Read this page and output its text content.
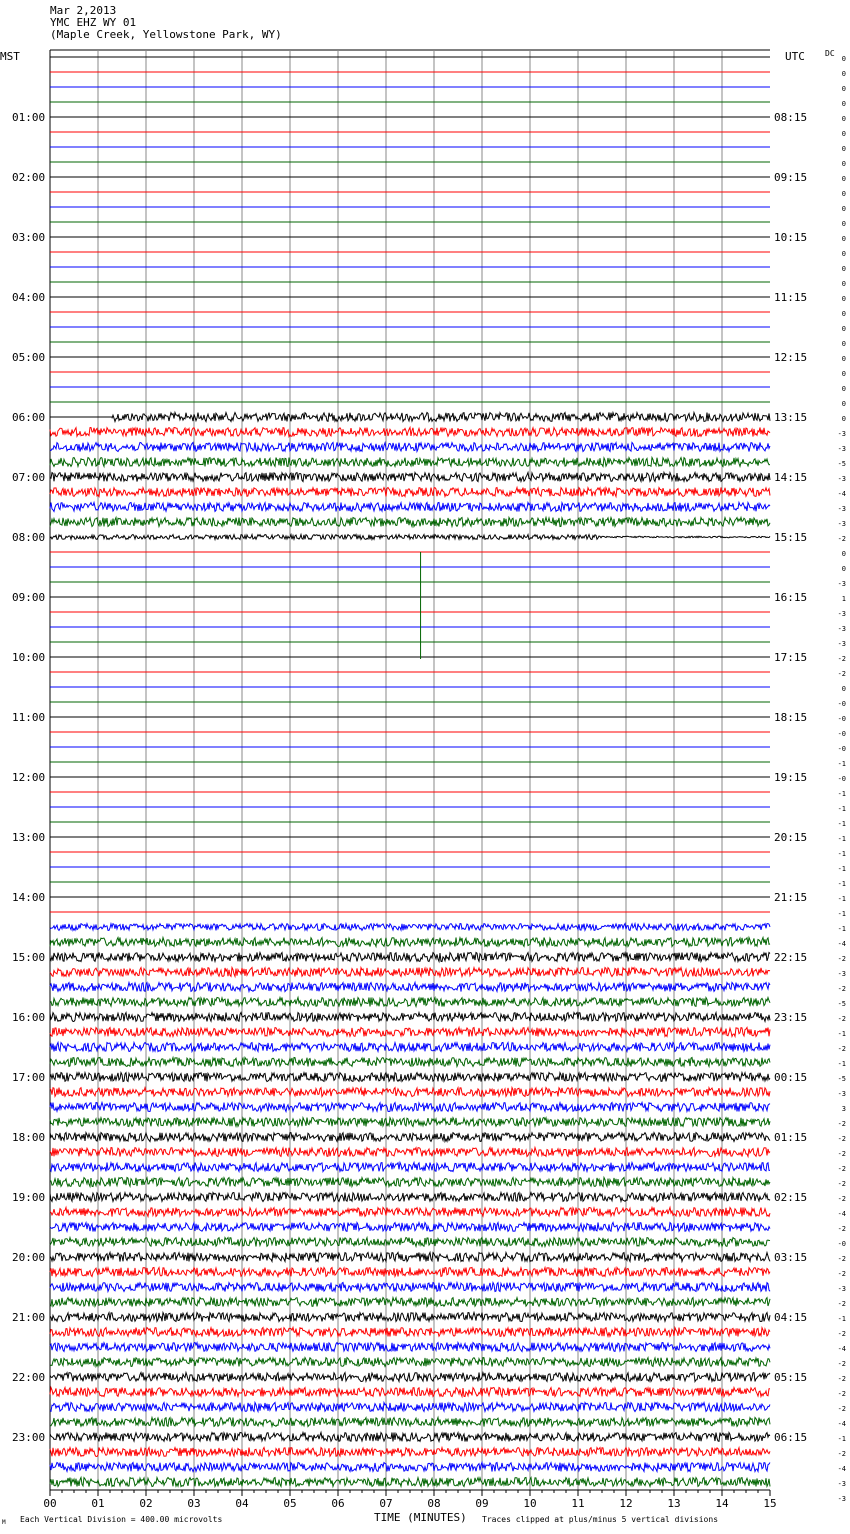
Mar 2,2013
YMC EHZ WY 01
(Maple Creek, Yellowstone Park, WY)
MST	UTC	DC
01:00
02:00
03:00
04:00
05:00
06:00
07:00
08:00
09:00
10:00
11:00
12:00
13:00
14:00
15:00
16:00
17:00
18:00
19:00
20:00
21:00
22:00
23:00
08:15
09:15
10:15
11:15
12:15
13:15
14:15
15:15
16:15
17:15
18:15
19:15
20:15
21:15
22:15
23:15
00:15
01:15
02:15
03:15
04:15
05:15
06:15
0
0
0
0
0
0
0
0
0
0
0
0
0
0
0
0
0
0
0
0
0
0
0
0
0
-3
-3
-5
-3
-4
-3
-3
-2
0
0
-3
1
-3
-3
-3
-2
-2
0
-0
-0
-0
-0
-1
-0
-1
-1
-1
-1
-1
-1
-1
-1
-1
-1
-4
-2
-3
-2
-5
-2
-1
-2
-1
-5
-3
3
-2
-2
-2
-2
-2
-2
-4
-2
-0
-2
-2
-3
-2
-1
-2
-4
-2
-2
-2
-2
-4
-1
-2
-4
-3
-3
00	01	02	03	04	05	06	07	08	09	10	11	12	13	14	15
Each Vertical Division = 400.00 microvolts	TIME (MINUTES) Traces clipped at plus/minus 5 vertical divisions
M
